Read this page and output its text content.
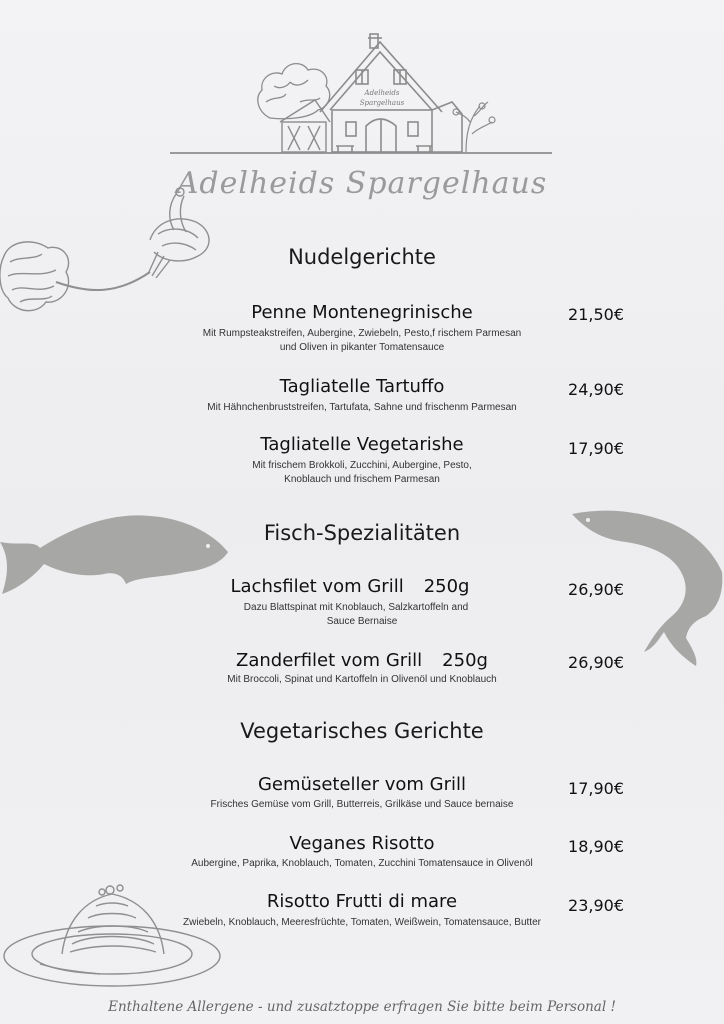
Adelheids
Spargelhaus
Adelheids Spargelhaus
Nudelgerichte
Penne Montenegrinische	21,50€
Mit Rumpsteakstreifen, Aubergine, Zwiebeln, Pesto,f rischem Parmesan
und Oliven in pikanter Tomatensauce
Tagliatelle Tartuffo	24,90€
Mit Hähnchenbruststreifen, Tartufata, Sahne und frischenm Parmesan
Tagliatelle Vegetarishe	17,90€
Mit frischem Brokkoli, Zucchini, Aubergine, Pesto,
Knoblauch und frischem Parmesan
Fisch-Spezialitäten
Lachsfilet vom Grill 250g	26,90€
Dazu Blattspinat mit Knoblauch, Salzkartoffeln and
Sauce Bernaise
Zanderfilet vom Grill 250g	26,90€
Mit Broccoli, Spinat und Kartoffeln in Olivenöl und Knoblauch
Vegetarisches Gerichte
Gemüseteller vom Grill	17,90€
Frisches Gemüse vom Grill, Butterreis, Grilkäse und Sauce bernaise
Veganes Risotto	18,90€
Aubergine, Paprika, Knoblauch, Tomaten, Zucchini Tomatensauce in Olivenöl
Risotto Frutti di mare	23,90€
Zwiebeln, Knoblauch, Meeresfrüchte, Tomaten, Weißwein, Tomatensauce, Butter
Enthaltene Allergene - und zusatztoppe erfragen Sie bitte beim Personal !
